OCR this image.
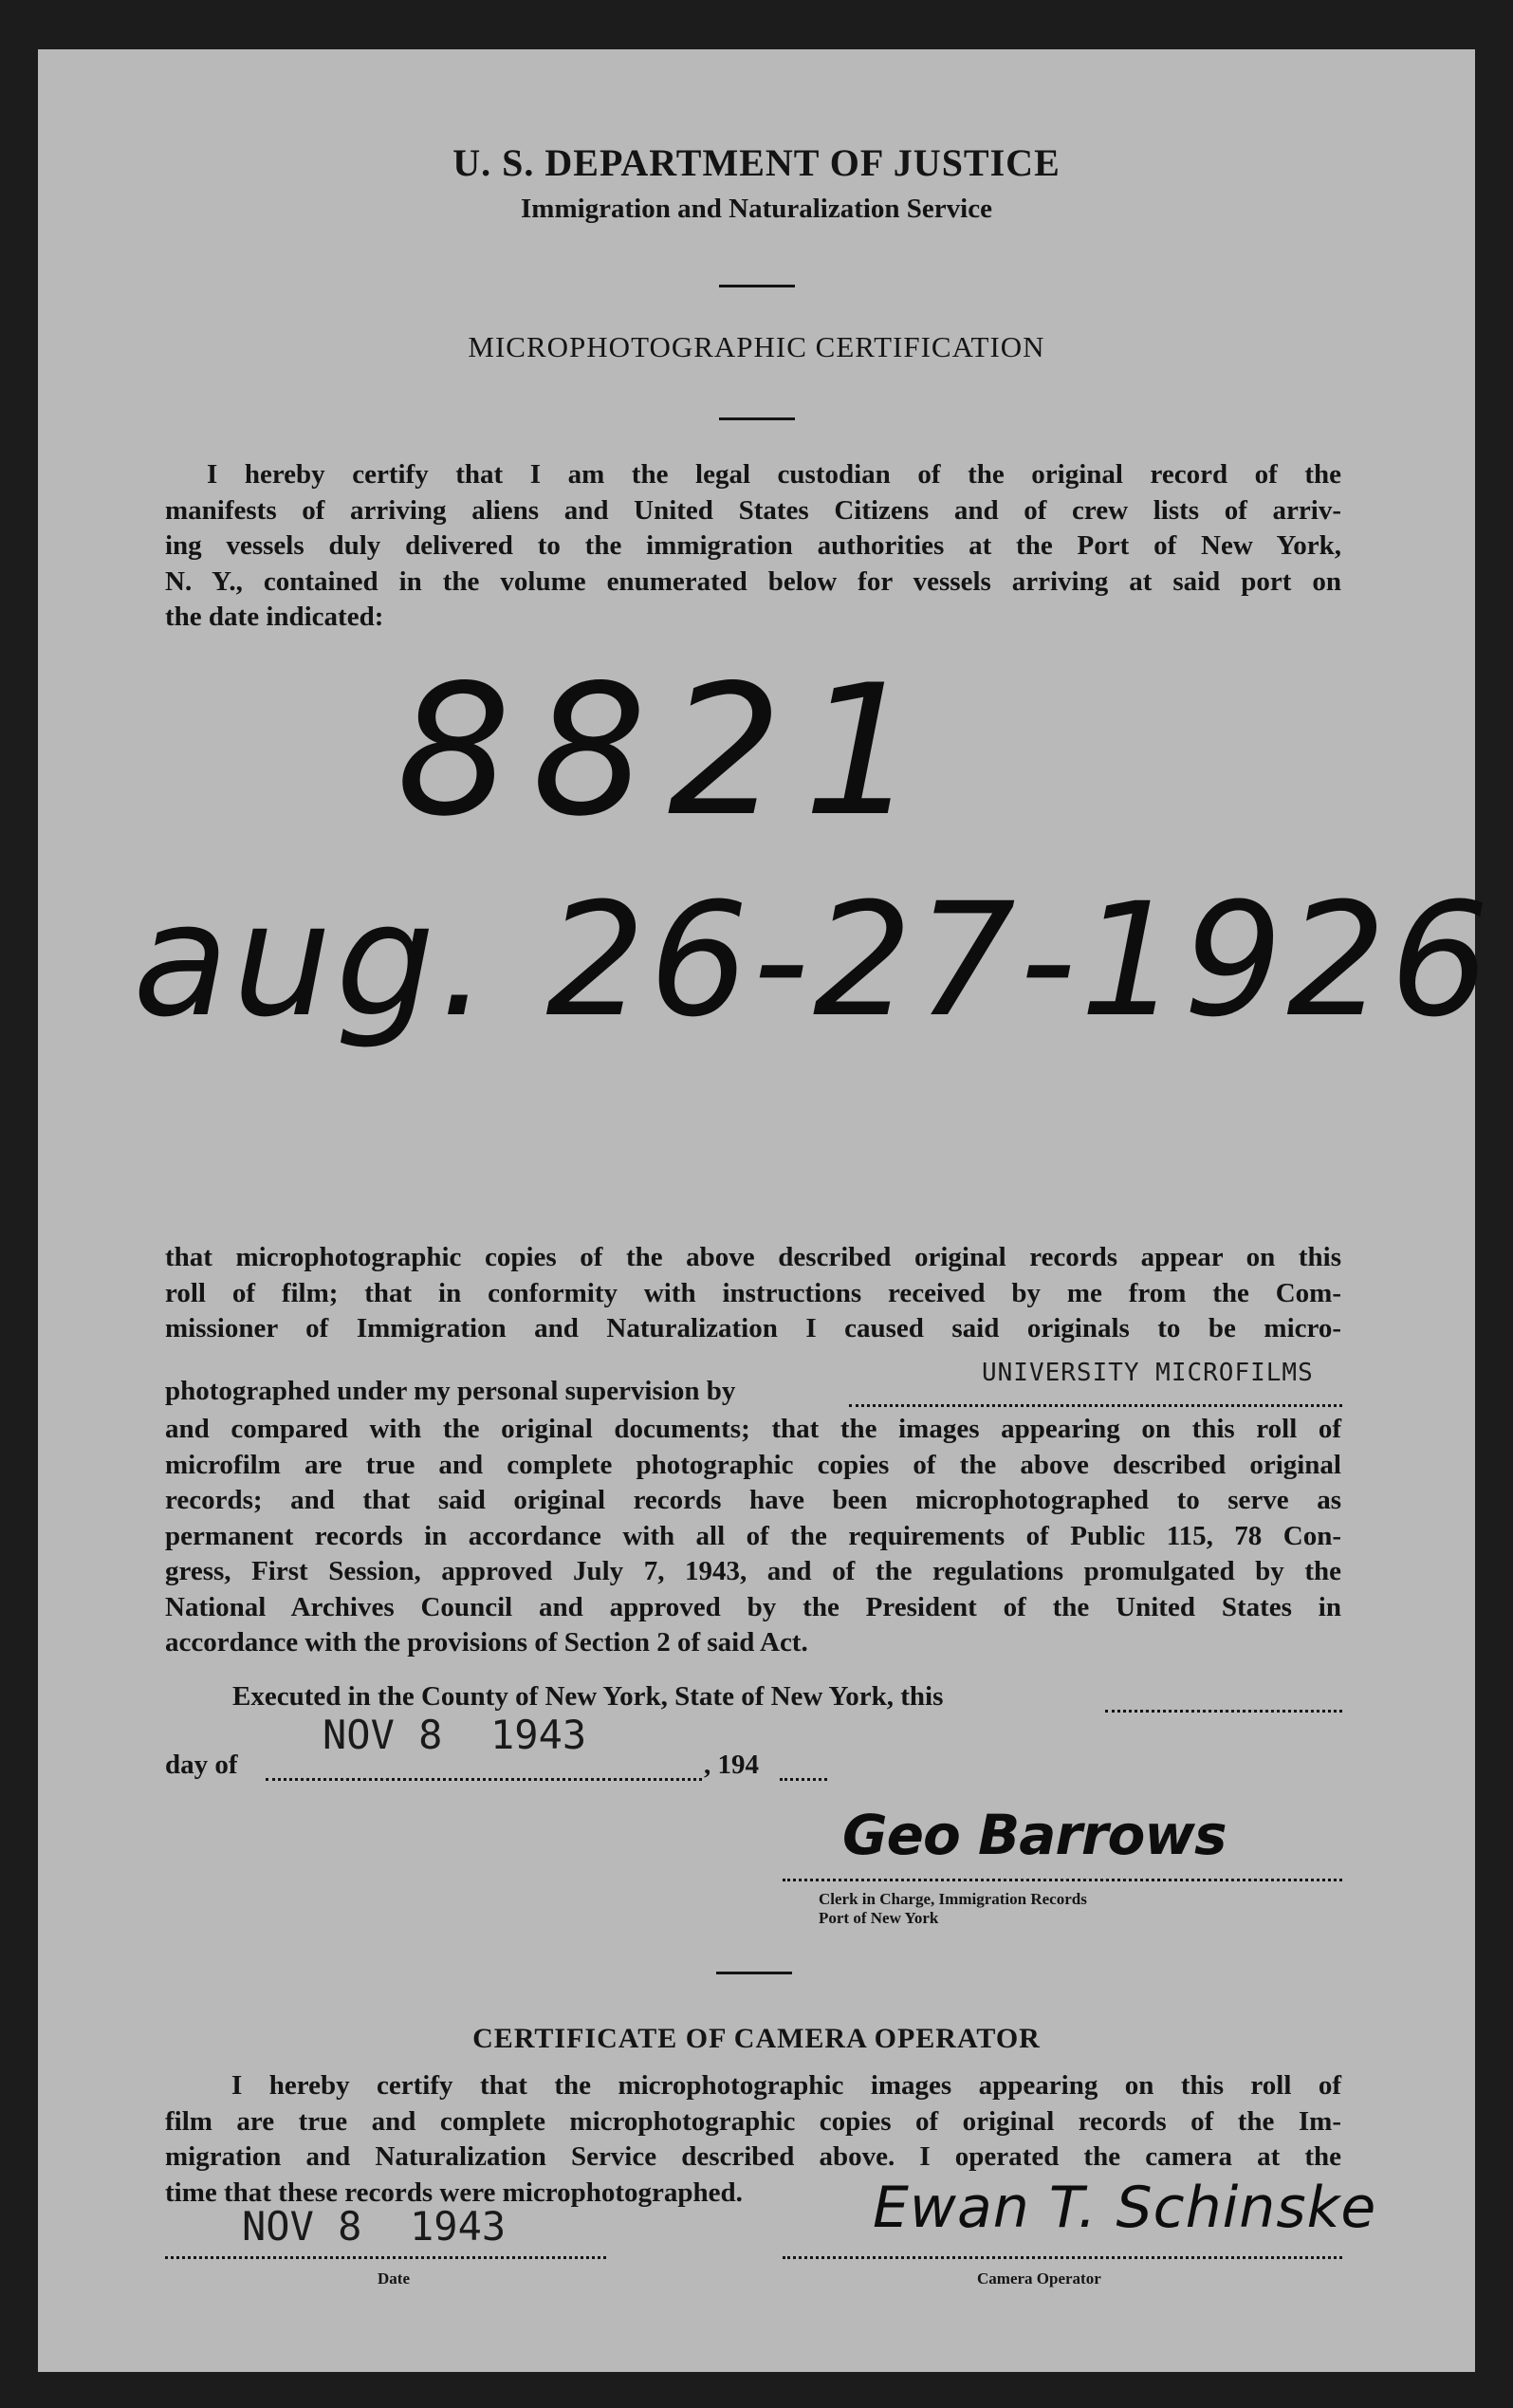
U. S. DEPARTMENT OF JUSTICE
Immigration and Naturalization Service
MICROPHOTOGRAPHIC CERTIFICATION
I hereby certify that I am the legal custodian of the original record of the
manifests of arriving aliens and United States Citizens and of crew lists of arriv-
ing vessels duly delivered to the immigration authorities at the Port of New York,
N. Y., contained in the volume enumerated below for vessels arriving at said port on
the date indicated:
8821
aug. 26-27-1926
that microphotographic copies of the above described original records appear on this
roll of film; that in conformity with instructions received by me from the Com-
missioner of Immigration and Naturalization I caused said originals to be micro-
photographed under my personal supervision by
UNIVERSITY MICROFILMS
and compared with the original documents; that the images appearing on this roll of
microfilm are true and complete photographic copies of the above described original
records; and that said original records have been microphotographed to serve as
permanent records in accordance with all of the requirements of Public 115, 78 Con-
gress, First Session, approved July 7, 1943, and of the regulations promulgated by the
National Archives Council and approved by the President of the United States in
accordance with the provisions of Section 2 of said Act.
Executed in the County of New York, State of New York, this
day of
NOV 8  1943
, 194
Geo Barrows
Clerk in Charge, Immigration Records
Port of New York
CERTIFICATE OF CAMERA OPERATOR
I hereby certify that the microphotographic images appearing on this roll of
film are true and complete microphotographic copies of original records of the Im-
migration and Naturalization Service described above. I operated the camera at the
time that these records were microphotographed.
NOV 8  1943
Date
Ewan T. Schinske
Camera Operator
